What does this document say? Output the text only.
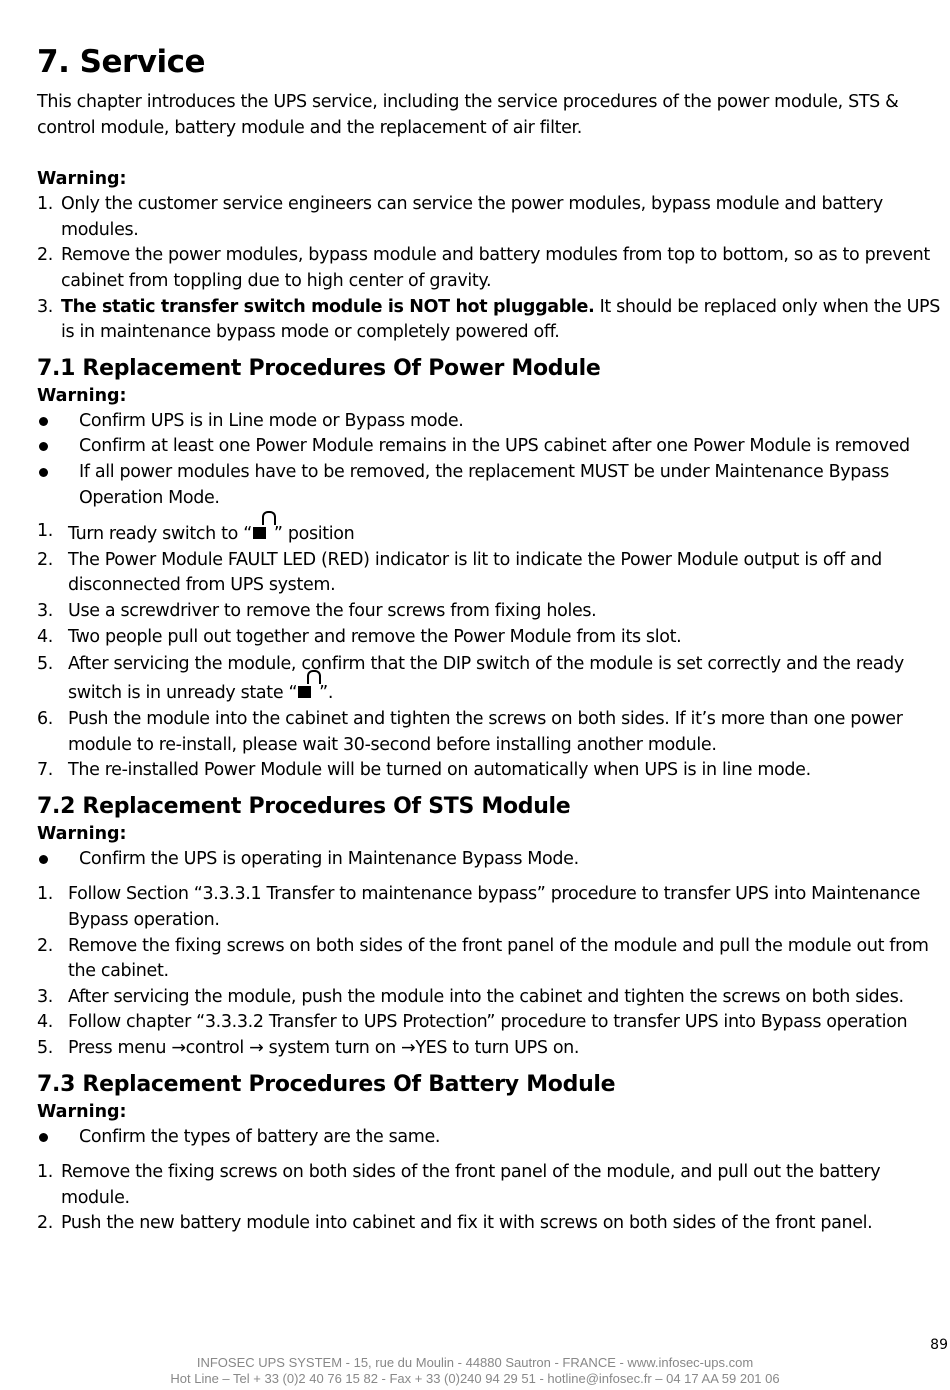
7. Service
This chapter introduces the UPS service, including the service procedures of the power module, STS & control module, battery module and the replacement of air filter.
Warning:
1. Only the customer service engineers can service the power modules, bypass module and battery modules.
2. Remove the power modules, bypass module and battery modules from top to bottom, so as to prevent cabinet from toppling due to high center of gravity.
3. The static transfer switch module is NOT hot pluggable. It should be replaced only when the UPS is in maintenance bypass mode or completely powered off.
7.1 Replacement Procedures Of Power Module
Warning:
Confirm UPS is in Line mode or Bypass mode.
Confirm at least one Power Module remains in the UPS cabinet after one Power Module is removed
If all power modules have to be removed, the replacement MUST be under Maintenance Bypass Operation Mode.
1. Turn ready switch to “ ” position
2. The Power Module FAULT LED (RED) indicator is lit to indicate the Power Module output is off and disconnected from UPS system.
3. Use a screwdriver to remove the four screws from fixing holes.
4. Two people pull out together and remove the Power Module from its slot.
5. After servicing the module, confirm that the DIP switch of the module is set correctly and the ready switch is in unready state “ ”.
6. Push the module into the cabinet and tighten the screws on both sides. If it’s more than one power module to re-install, please wait 30-second before installing another module.
7. The re-installed Power Module will be turned on automatically when UPS is in line mode.
7.2 Replacement Procedures Of STS Module
Warning:
Confirm the UPS is operating in Maintenance Bypass Mode.
1. Follow Section “3.3.3.1 Transfer to maintenance bypass” procedure to transfer UPS into Maintenance Bypass operation.
2. Remove the fixing screws on both sides of the front panel of the module and pull the module out from the cabinet.
3. After servicing the module, push the module into the cabinet and tighten the screws on both sides.
4. Follow chapter “3.3.3.2 Transfer to UPS Protection” procedure to transfer UPS into Bypass operation
5. Press menu →control → system turn on →YES to turn UPS on.
7.3 Replacement Procedures Of Battery Module
Warning:
Confirm the types of battery are the same.
1. Remove the fixing screws on both sides of the front panel of the module, and pull out the battery module.
2. Push the new battery module into cabinet and fix it with screws on both sides of the front panel.
89
INFOSEC UPS SYSTEM - 15, rue du Moulin - 44880 Sautron - FRANCE - www.infosec-ups.com
Hot Line – Tel + 33 (0)2 40 76 15 82 - Fax + 33 (0)240 94 29 51 - hotline@infosec.fr – 04 17 AA 59 201 06
